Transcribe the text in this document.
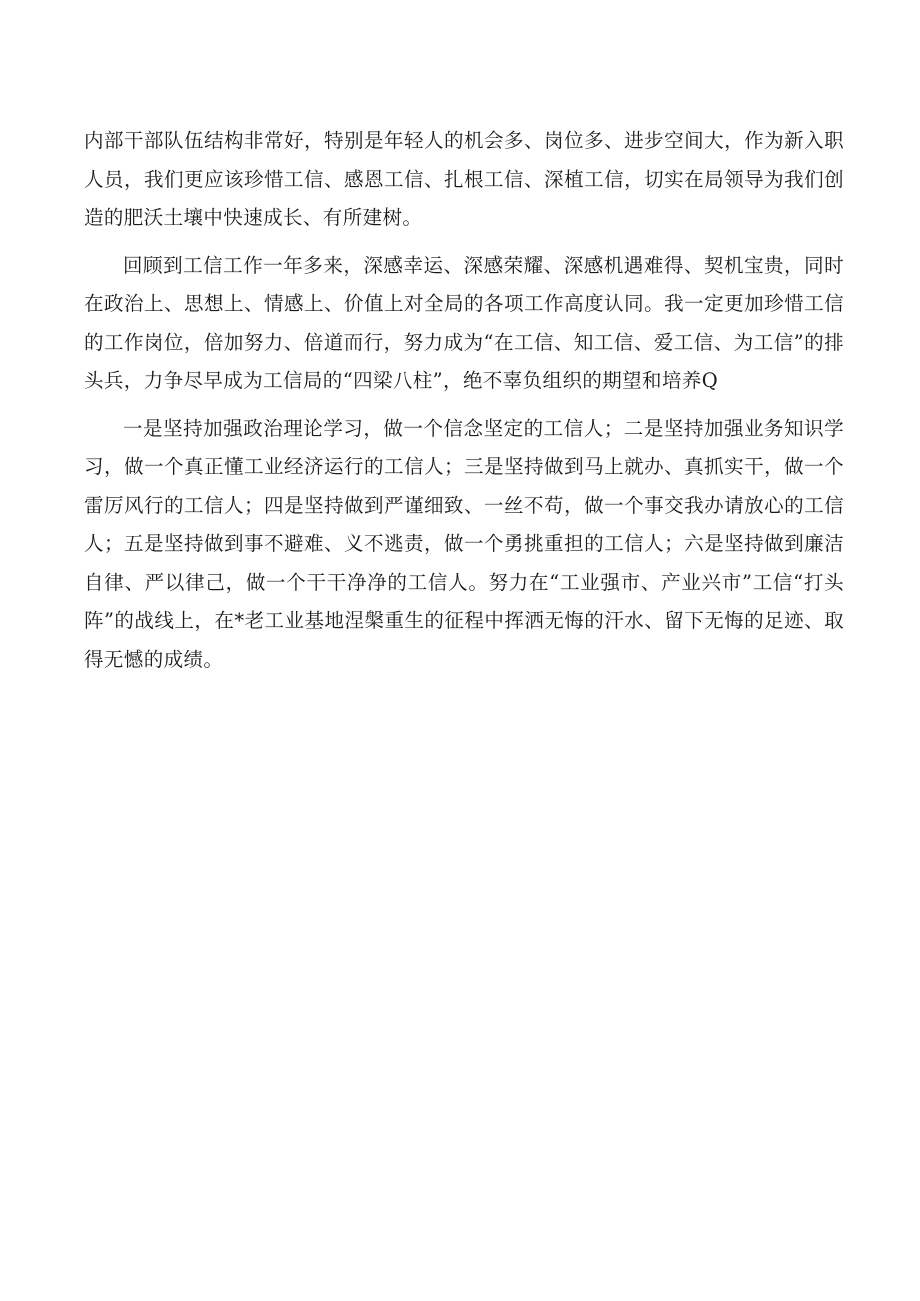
内部干部队伍结构非常好，特别是年轻人的机会多、岗位多、进步空间大，作为新入职人员，我们更应该珍惜工信、感恩工信、扎根工信、深植工信，切实在局领导为我们创造的肥沃土壤中快速成长、有所建树。

回顾到工信工作一年多来，深感幸运、深感荣耀、深感机遇难得、契机宝贵，同时在政治上、思想上、情感上、价值上对全局的各项工作高度认同。我一定更加珍惜工信的工作岗位，倍加努力、倍道而行，努力成为“在工信、知工信、爱工信、为工信”的排头兵，力争尽早成为工信局的“四梁八柱”，绝不辜负组织的期望和培养Q

一是坚持加强政治理论学习，做一个信念坚定的工信人；二是坚持加强业务知识学习，做一个真正懂工业经济运行的工信人；三是坚持做到马上就办、真抓实干，做一个雷厉风行的工信人；四是坚持做到严谨细致、一丝不苟，做一个事交我办请放心的工信人；五是坚持做到事不避难、义不逃责，做一个勇挑重担的工信人；六是坚持做到廉洁自律、严以律己，做一个干干净净的工信人。努力在“工业强市、产业兴市”工信“打头阵”的战线上，在*老工业基地涅槃重生的征程中挥洒无悔的汗水、留下无悔的足迹、取得无憾的成绩。
